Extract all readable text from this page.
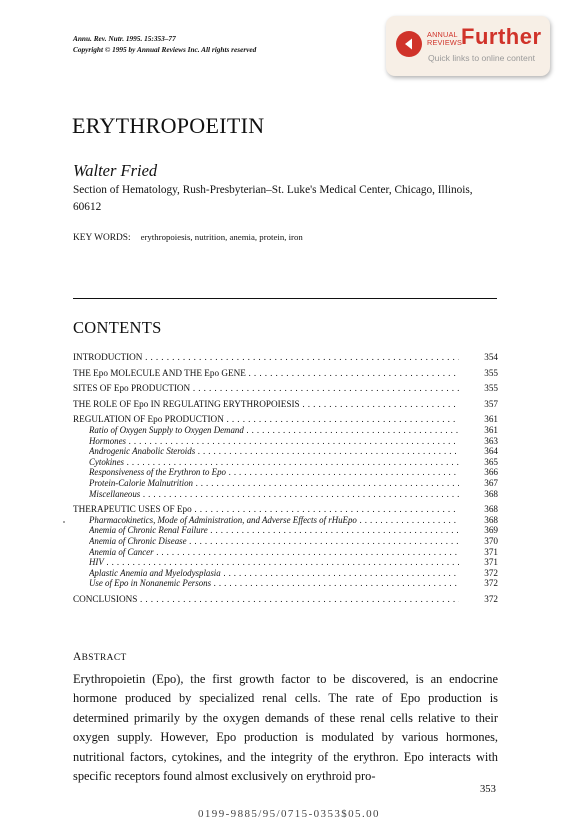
Annu. Rev. Nutr. 1995. 15:353–77
Copyright © 1995 by Annual Reviews Inc. All rights reserved
ANNUAL REVIEWS
Further
Quick links to online content
ERYTHROPOEITIN
Walter Fried
Section of Hematology, Rush-Presbyterian–St. Luke's Medical Center, Chicago, Illinois, 60612
KEY WORDS: erythropoiesis, nutrition, anemia, protein, iron
CONTENTS
INTRODUCTION . . .	354
THE Epo MOLECULE AND THE Epo GENE . . .	355
SITES OF Epo PRODUCTION . . .	355
THE ROLE OF Epo IN REGULATING ERYTHROPOIESIS . . .	357
REGULATION OF Epo PRODUCTION . . .	361
Ratio of Oxygen Supply to Oxygen Demand . . .	361
Hormones . . .	363
Androgenic Anabolic Steroids . . .	364
Cytokines . . .	365
Responsiveness of the Erythron to Epo . . .	366
Protein-Calorie Malnutrition . . .	367
Miscellaneous . . .	368
THERAPEUTIC USES OF Epo . . .	368
Pharmacokinetics, Mode of Administration, and Adverse Effects of rHuEpo . . .	368
Anemia of Chronic Renal Failure . . .	369
Anemia of Chronic Disease . . .	370
Anemia of Cancer . . .	371
HIV . . .	371
Aplastic Anemia and Myelodysplasia . . .	372
Use of Epo in Nonanemic Persons . . .	372
CONCLUSIONS . . .	372
ABSTRACT
Erythropoietin (Epo), the first growth factor to be discovered, is an endocrine hormone produced by specialized renal cells. The rate of Epo production is determined primarily by the oxygen demands of these renal cells relative to their oxygen supply. However, Epo production is modulated by various hormones, nutritional factors, cytokines, and the integrity of the erythron. Epo interacts with specific receptors found almost exclusively on erythroid pro-
353
0199-9885/95/0715-0353$05.00
